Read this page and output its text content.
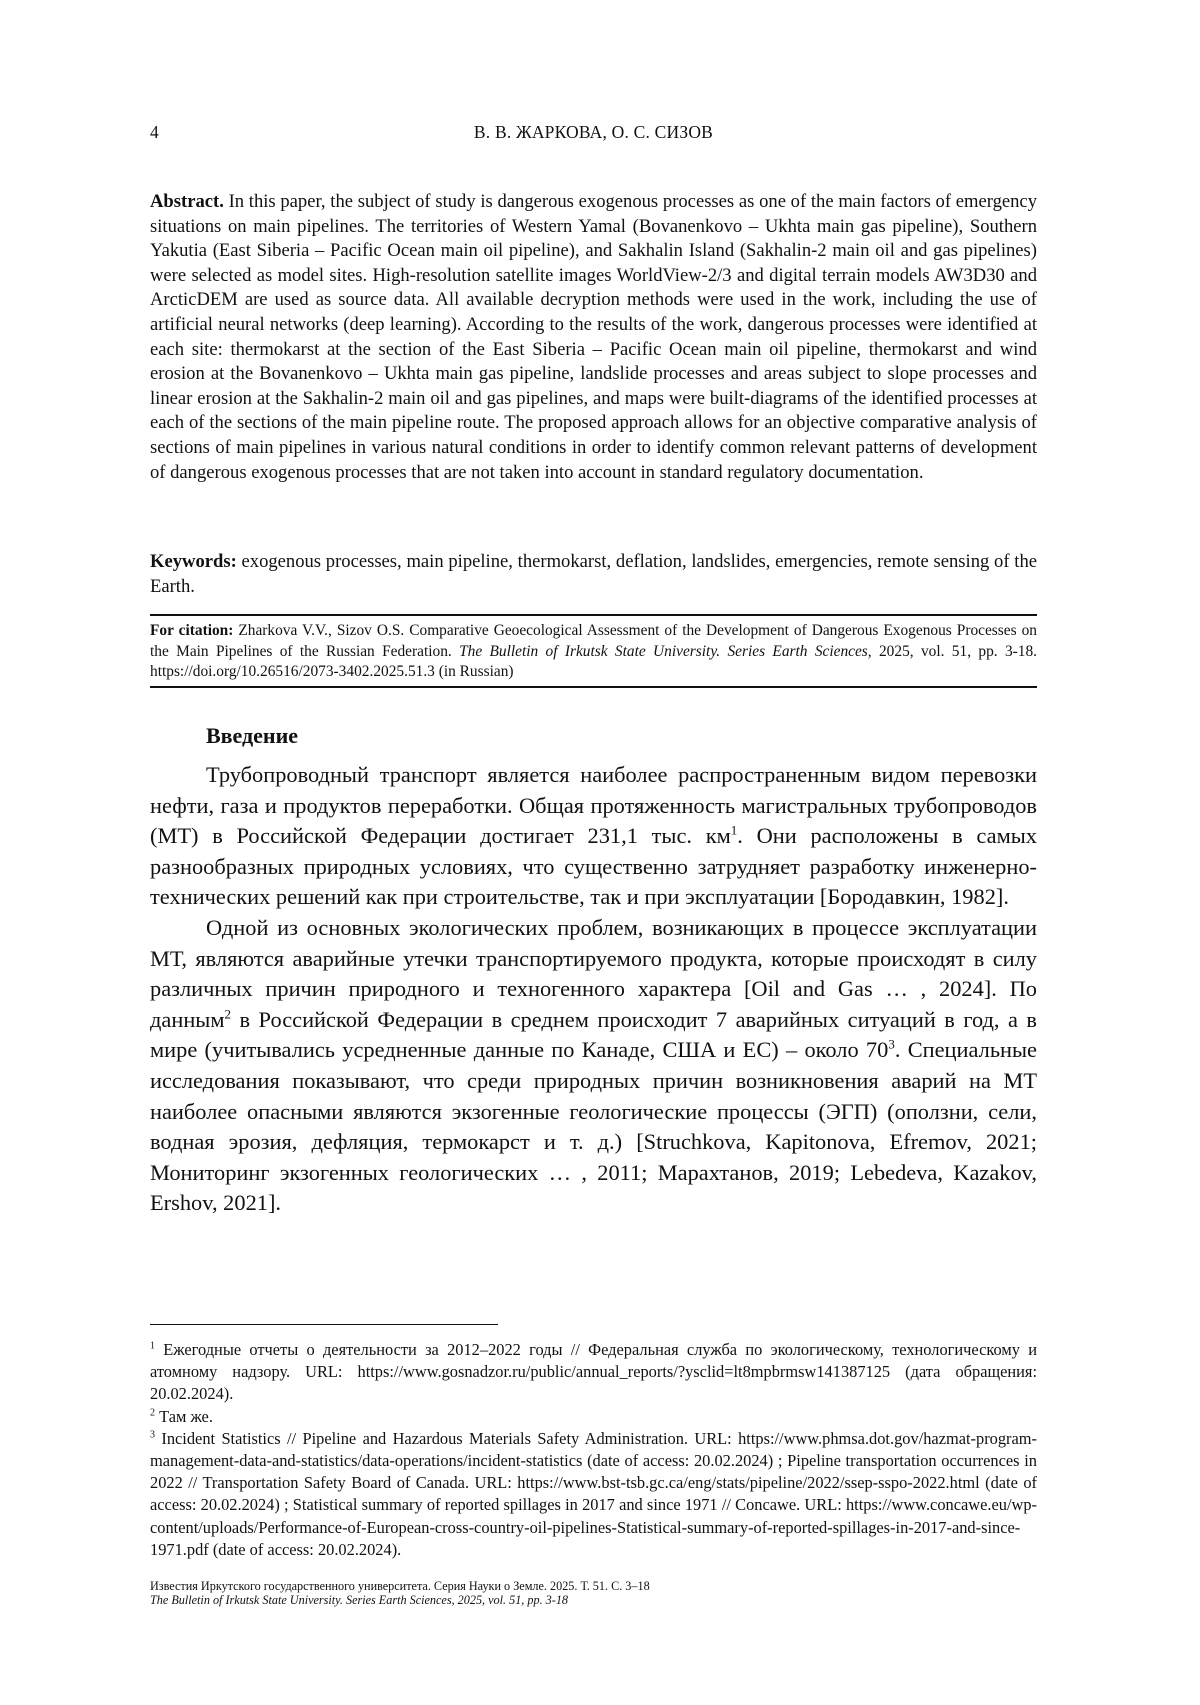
4	В. В. ЖАРКОВА, О. С. СИЗОВ

Abstract. In this paper, the subject of study is dangerous exogenous processes as one of the main factors of emergency situations on main pipelines. The territories of Western Yamal (Bovanenkovo – Ukhta main gas pipeline), Southern Yakutia (East Siberia – Pacific Ocean main oil pipeline), and Sakhalin Island (Sakhalin-2 main oil and gas pipelines) were selected as model sites. High-resolution satellite images WorldView-2/3 and digital terrain models AW3D30 and ArcticDEM are used as source data. All available decryption methods were used in the work, including the use of artificial neural networks (deep learning). According to the results of the work, dangerous processes were identified at each site: thermokarst at the section of the East Siberia – Pacific Ocean main oil pipeline, thermokarst and wind erosion at the Bovanenkovo – Ukhta main gas pipeline, landslide processes and areas subject to slope processes and linear erosion at the Sakhalin-2 main oil and gas pipelines, and maps were built-diagrams of the identified processes at each of the sections of the main pipeline route. The proposed approach allows for an objective comparative analysis of sections of main pipelines in various natural conditions in order to identify common relevant patterns of development of dangerous exogenous processes that are not taken into account in standard regulatory documentation.

Keywords: exogenous processes, main pipeline, thermokarst, deflation, landslides, emergencies, remote sensing of the Earth.

For citation: Zharkova V.V., Sizov O.S. Comparative Geoecological Assessment of the Development of Dangerous Exogenous Processes on the Main Pipelines of the Russian Federation. The Bulletin of Irkutsk State University. Series Earth Sciences, 2025, vol. 51, pp. 3-18. https://doi.org/10.26516/2073-3402.2025.51.3 (in Russian)

Введение

Трубопроводный транспорт является наиболее распространенным видом перевозки нефти, газа и продуктов переработки. Общая протяженность магистральных трубопроводов (МТ) в Российской Федерации достигает 231,1 тыс. $км^1$. Они расположены в самых разнообразных природных условиях, что существенно затрудняет разработку инженерно-технических решений как при строительстве, так и при эксплуатации [Бородавкин, 1982].

Одной из основных экологических проблем, возникающих в процессе эксплуатации МТ, являются аварийные утечки транспортируемого продукта, которые происходят в силу различных причин природного и техногенного характера [Oil and Gas … , 2024]. По данным$^2$ в Российской Федерации в среднем происходит 7 аварийных ситуаций в год, а в мире (учитывались усредненные данные по Канаде, США и ЕС) – около $70^3$. Специальные исследования показывают, что среди природных причин возникновения аварий на МТ наиболее опасными являются экзогенные геологические процессы (ЭГП) (оползни, сели, водная эрозия, дефляция, термокарст и т. д.) [Struchkova, Kapitonova, Efremov, 2021; Мониторинг экзогенных геологических … , 2011; Марахтанов, 2019; Lebedeva, Kazakov, Ershov, 2021].

$^1$ Ежегодные отчеты о деятельности за 2012–2022 годы // Федеральная служба по экологическому, технологическому и атомному надзору. URL: https://www.gosnadzor.ru/public/annual_reports/?ysclid=lt8mpbrmsw141387125 (дата обращения: 20.02.2024).

$^2$ Там же.

$^3$ Incident Statistics // Pipeline and Hazardous Materials Safety Administration. URL: https://www.phmsa.dot.gov/hazmat-program-management-data-and-statistics/data-operations/incident-statistics (date of access: 20.02.2024) ; Pipeline transportation occurrences in 2022 // Transportation Safety Board of Canada. URL: https://www.bst-tsb.gc.ca/eng/stats/pipeline/2022/ssep-sspo-2022.html (date of access: 20.02.2024) ; Statistical summary of reported spillages in 2017 and since 1971 // Concawe. URL: https://www.concawe.eu/wp-content/uploads/Performance-of-European-cross-country-oil-pipelines-Statistical-summary-of-reported-spillages-in-2017-and-since-1971.pdf (date of access: 20.02.2024).

Известия Иркутского государственного университета. Серия Науки о Земле. 2025. Т. 51. С. 3–18
The Bulletin of Irkutsk State University. Series Earth Sciences, 2025, vol. 51, pp. 3-18
